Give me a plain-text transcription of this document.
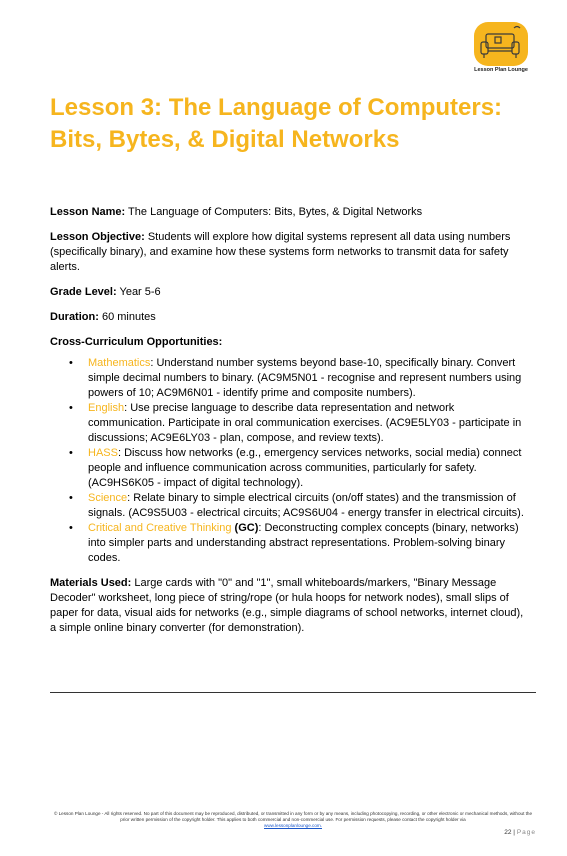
Lesson Plan Lounge
Lesson 3: The Language of Computers: Bits, Bytes, & Digital Networks

Lesson Name: The Language of Computers: Bits, Bytes, & Digital Networks

Lesson Objective: Students will explore how digital systems represent all data using numbers (specifically binary), and examine how these systems form networks to transmit data for safety alerts.

Grade Level: Year 5-6

Duration: 60 minutes

Cross-Curriculum Opportunities:

• Mathematics: Understand number systems beyond base-10, specifically binary. Convert simple decimal numbers to binary. (AC9M5N01 - recognise and represent numbers using powers of 10; AC9M6N01 - identify prime and composite numbers).
• English: Use precise language to describe data representation and network communication. Participate in oral communication exercises. (AC9E5LY03 - participate in discussions; AC9E6LY03 - plan, compose, and review texts).
• HASS: Discuss how networks (e.g., emergency services networks, social media) connect people and influence communication across communities, particularly for safety. (AC9HS6K05 - impact of digital technology).
• Science: Relate binary to simple electrical circuits (on/off states) and the transmission of signals. (AC9S5U03 - electrical circuits; AC9S6U04 - energy transfer in electrical circuits).
• Critical and Creative Thinking (GC): Deconstructing complex concepts (binary, networks) into simpler parts and understanding abstract representations. Problem-solving binary codes.

Materials Used: Large cards with "0" and "1", small whiteboards/markers, "Binary Message Decoder" worksheet, long piece of string/rope (or hula hoops for network nodes), small slips of paper for data, visual aids for networks (e.g., simple diagrams of school networks, internet cloud), a simple online binary converter (for demonstration).

© Lesson Plan Lounge - All rights reserved. No part of this document may be reproduced, distributed, or transmitted in any form or by any means, including photocopying, recording, or other electronic or mechanical methods, without the prior written permission of the copyright holder. This applies to both commercial and non-commercial use. For permission requests, please contact the copyright holder via
www.lessonplanlounge.com.
22 | Page
